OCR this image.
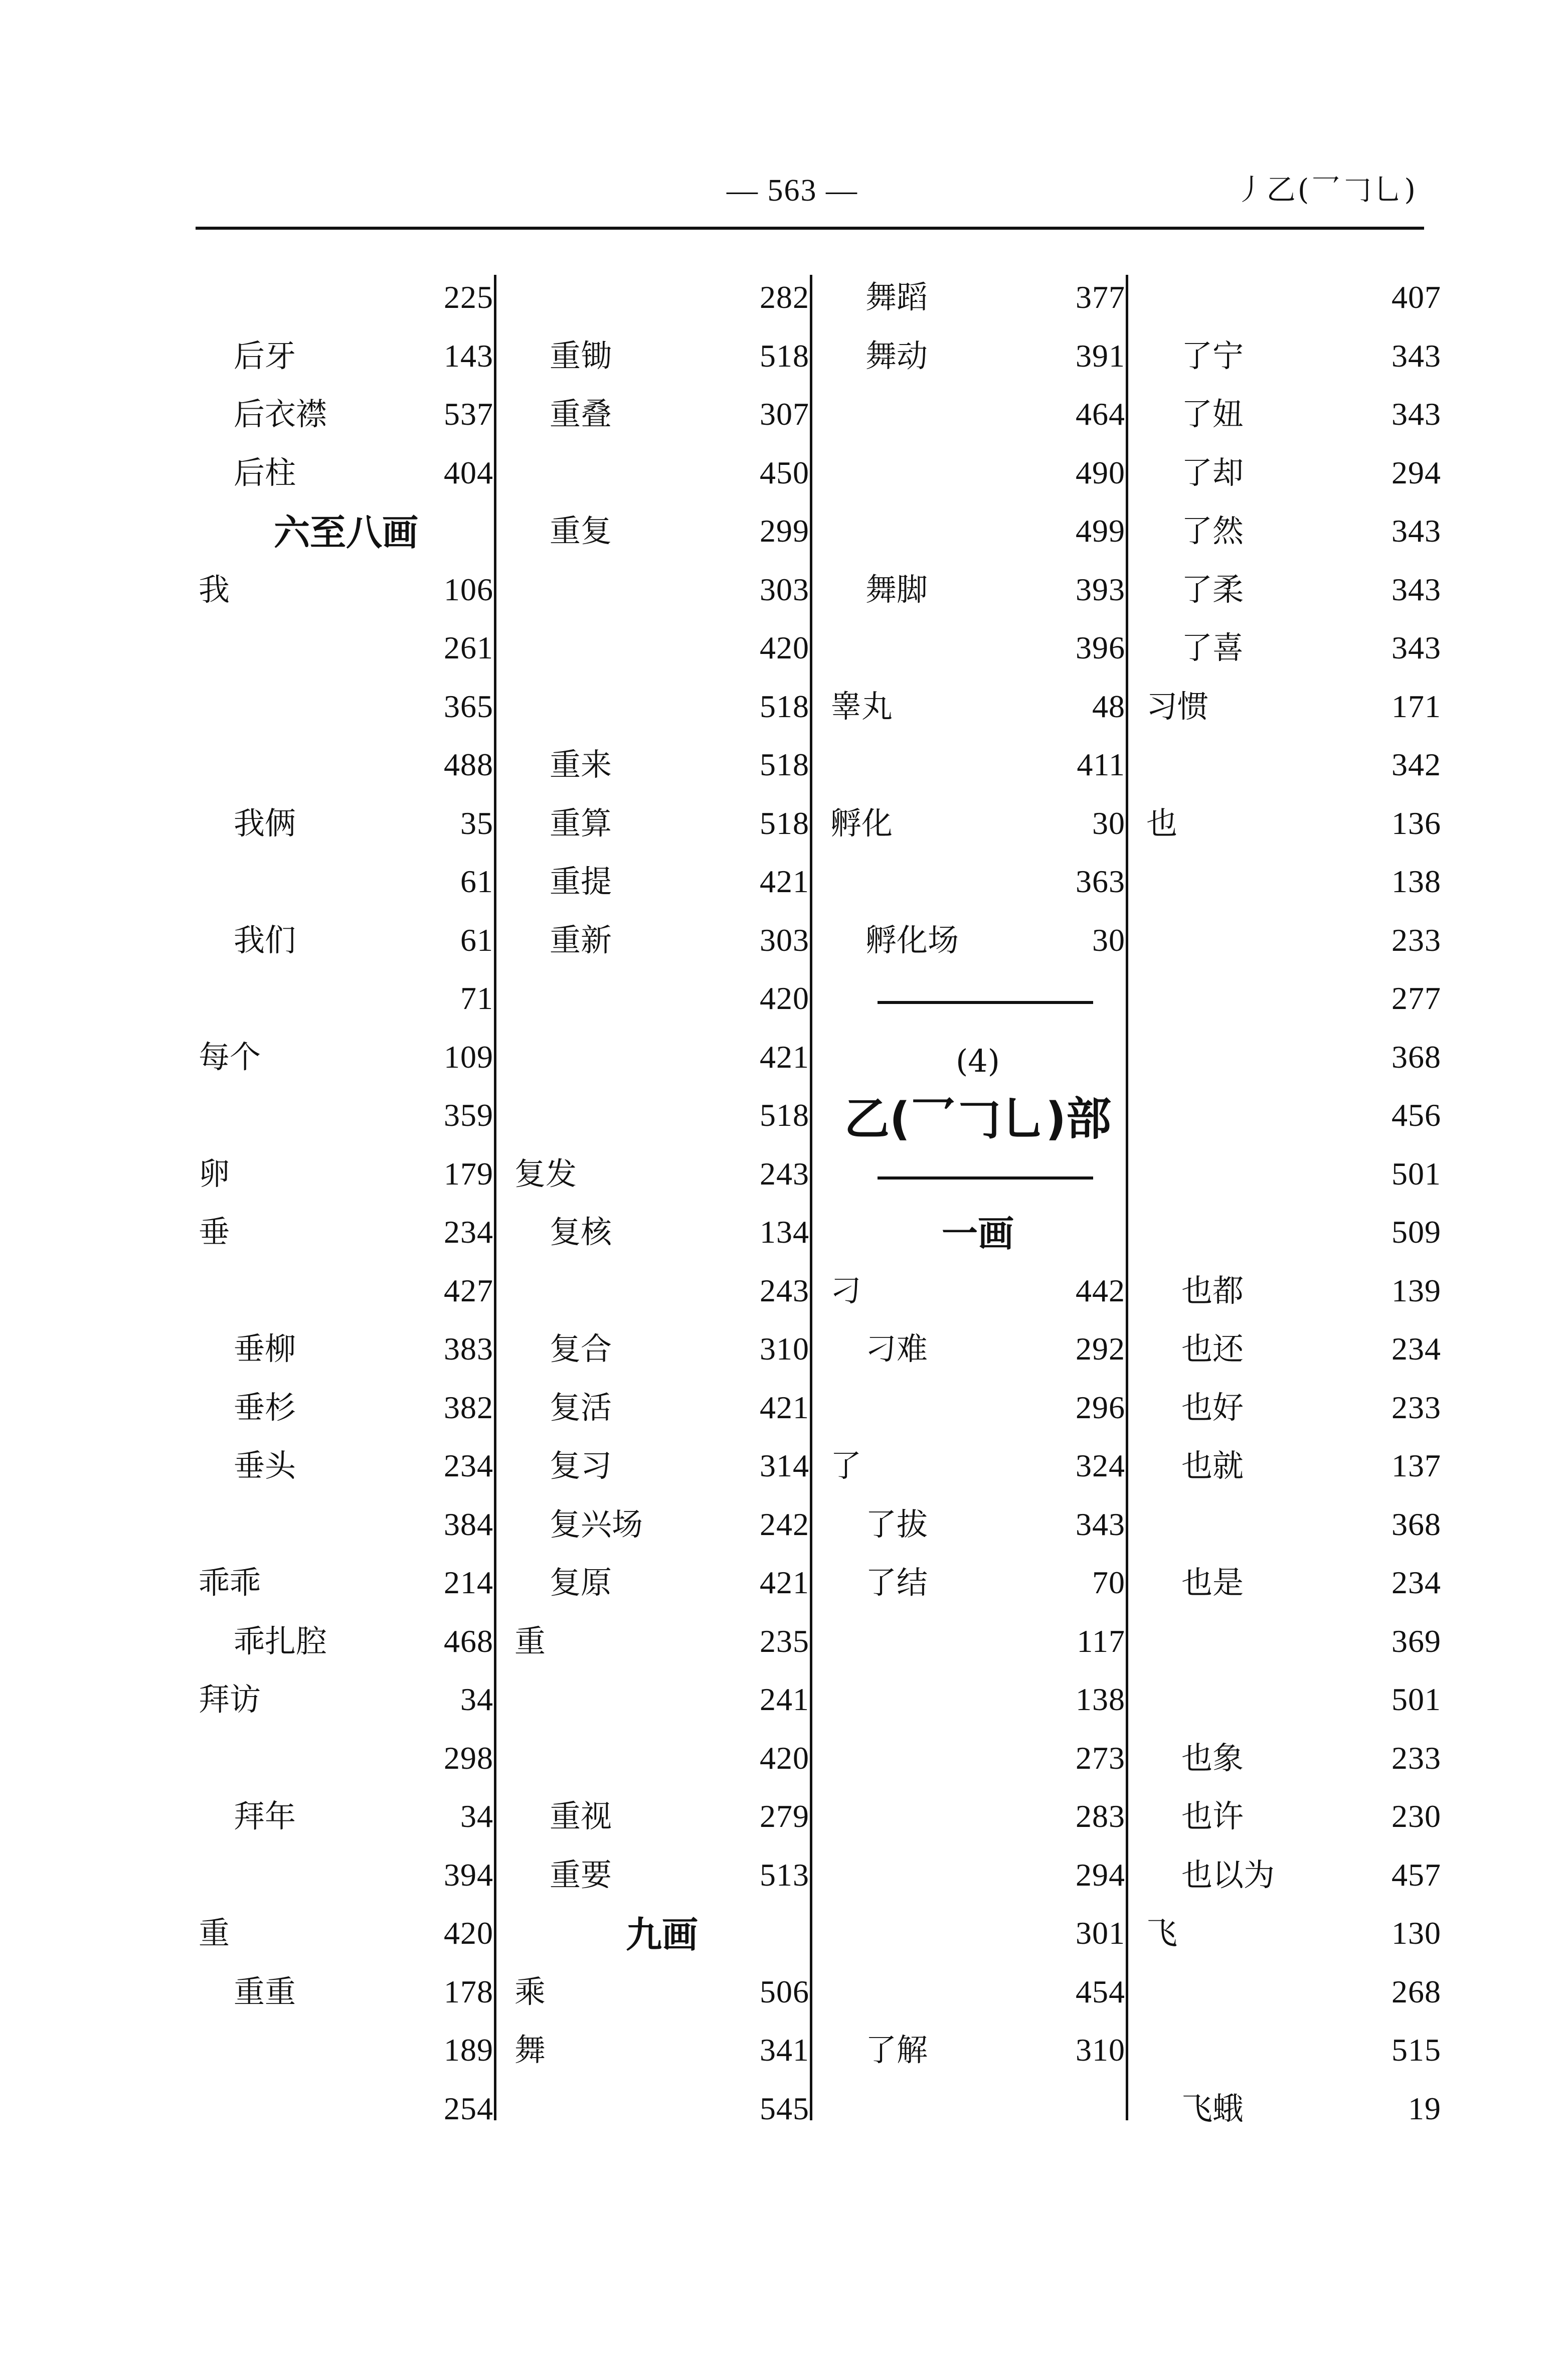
— 563 —	丿乙(乛𠃌乚)
225
后牙	143
后衣襟	537
后柱	404
六至八画
我	106
261
365
488
我俩	35
61
我们	61
71
每个	109
359
卵	179
垂	234
427
垂柳	383
垂杉	382
垂头	234
384
乖乖	214
乖扎腔	468
拜访	34
298
拜年	34
394
重	420
重重	178
189
254
282
重锄	518
重叠	307
450
重复	299
303
420
518
重来	518
重算	518
重提	421
重新	303
420
421
518
复发	243
复核	134
243
复合	310
复活	421
复习	314
复兴场	242
复原	421
重	235
241
420
重视	279
重要	513
九画
乘	506
舞	341
545
舞蹈	377
舞动	391
464
490
499
舞脚	393
396
睾丸	48
411
孵化	30
363
孵化场	30
(4)
乙(乛𠃌乚)部
一画
刁	442
刁难	292
296
了	324
了拔	343
了结	70
117
138
273
283
294
301
454
了解	310
407
了宁	343
了妞	343
了却	294
了然	343
了柔	343
了喜	343
习惯	171
342
也	136
138
233
277
368
456
501
509
也都	139
也还	234
也好	233
也就	137
368
也是	234
369
501
也象	233
也许	230
也以为	457
飞	130
268
515
飞蛾	19
